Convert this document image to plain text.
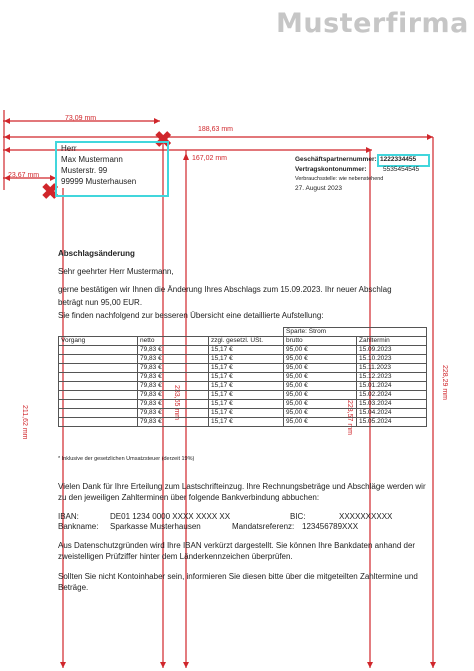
Musterfirma
73,09 mm
188,63 mm
167,02 mm
23,67 mm
211,62 mm
233,65 mm	223,57 mm
228,29 mm
✖
✖
Herr
Max Mustermann
Musterstr. 99
99999 Musterhausen
Geschäftspartnernummer: 1222334455
Vertragskontonummer:	5535454545
Verbrauchsstelle: wie nebenstehend
27. August 2023
Abschlagsänderung
Sehr geehrter Herr Mustermann,
gerne bestätigen wir Ihnen die Änderung Ihres Abschlags zum 15.09.2023. Ihr neuer Abschlag
beträgt nun 95,00 EUR.
Sie finden nachfolgend zur besseren Übersicht eine detaillierte Aufstellung:
			Sparte: Strom	
Vorgang	netto	zzgl. gesetzl. USt.	brutto	Zahltermin
	79,83 €	15,17 €	95,00 €	15.09.2023
	79,83 €	15,17 €	95,00 €	15.10.2023
	79,83 €	15,17 €	95,00 €	15.11.2023
	79,83 €	15,17 €	95,00 €	15.12.2023
	79,83 €	15,17 €	95,00 €	15.01.2024
	79,83 €	15,17 €	95,00 €	15.02.2024
	79,83 €	15,17 €	95,00 €	15.03.2024
	79,83 €	15,17 €	95,00 €	15.04.2024
	79,83 €	15,17 €	95,00 €	15.05.2024
* Inklusive der gesetzlichen Umsatzsteuer (derzeit 19%)
Vielen Dank für Ihre Erteilung zum Lastschrifteinzug. Ihre Rechnungsbeträge und Abschläge werden wir
zu den jeweiligen Zahlterminen über folgende Bankverbindung abbuchen:
IBAN:	DE01 1234 0000 XXXX XXXX XX	BIC:	XXXXXXXXXX
Bankname: Sparkasse Musterhausen	Mandatsreferenz: 123456789XXX
Aus Datenschutzgründen wird Ihre IBAN verkürzt dargestellt. Sie können Ihre Bankdaten anhand der
zweistelligen Prüfziffer hinter dem Länderkennzeichen überprüfen.
Sollten Sie nicht Kontoinhaber sein, informieren Sie diesen bitte über die mitgeteilten Zahltermine und
Beträge.
